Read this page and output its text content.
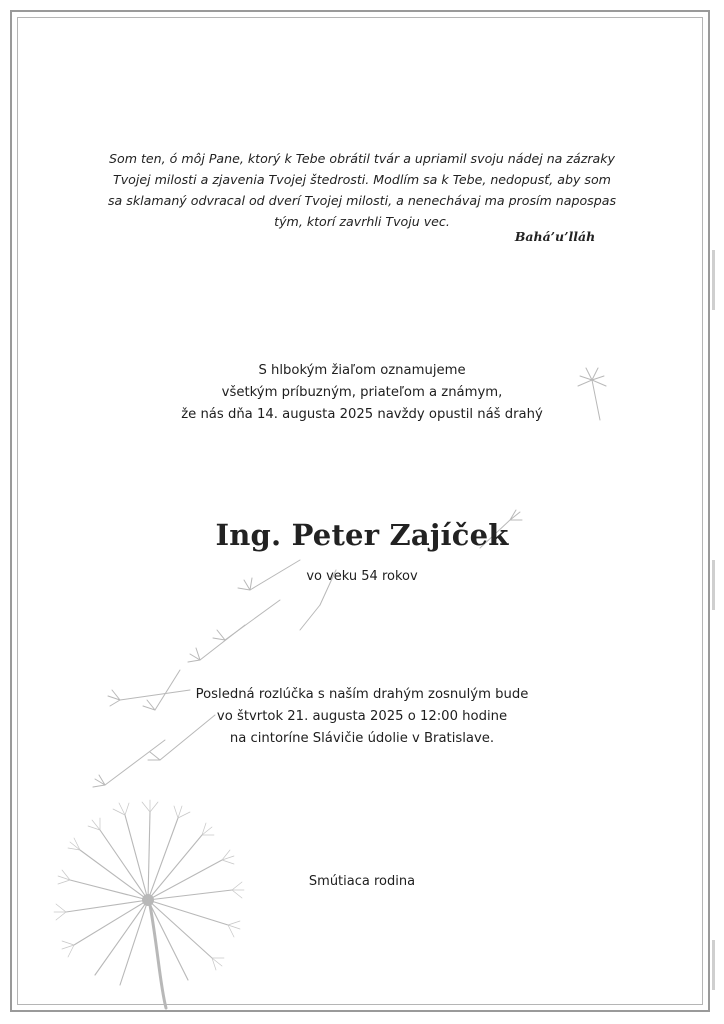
Som ten, ó môj Pane, ktorý k Tebe obrátil tvár a upriamil svoju nádej na zázraky
Tvojej milosti a zjavenia Tvojej štedrosti. Modlím sa k Tebe, nedopusť, aby som
sa sklamaný odvracal od dverí Tvojej milosti, a nenechávaj ma prosím napospas
tým, ktorí zavrhli Tvoju vec.
Bahá’u’lláh
S hlbokým žiaľom oznamujeme
všetkým príbuzným, priateľom a známym,
že nás dňa 14. augusta 2025 navždy opustil náš drahý
Ing. Peter Zajíček
vo veku 54 rokov
Posledná rozlúčka s naším drahým zosnulým bude
vo štvrtok 21. augusta 2025 o 12:00 hodine
na cintoríne Slávičie údolie v Bratislave.
Smútiaca rodina
